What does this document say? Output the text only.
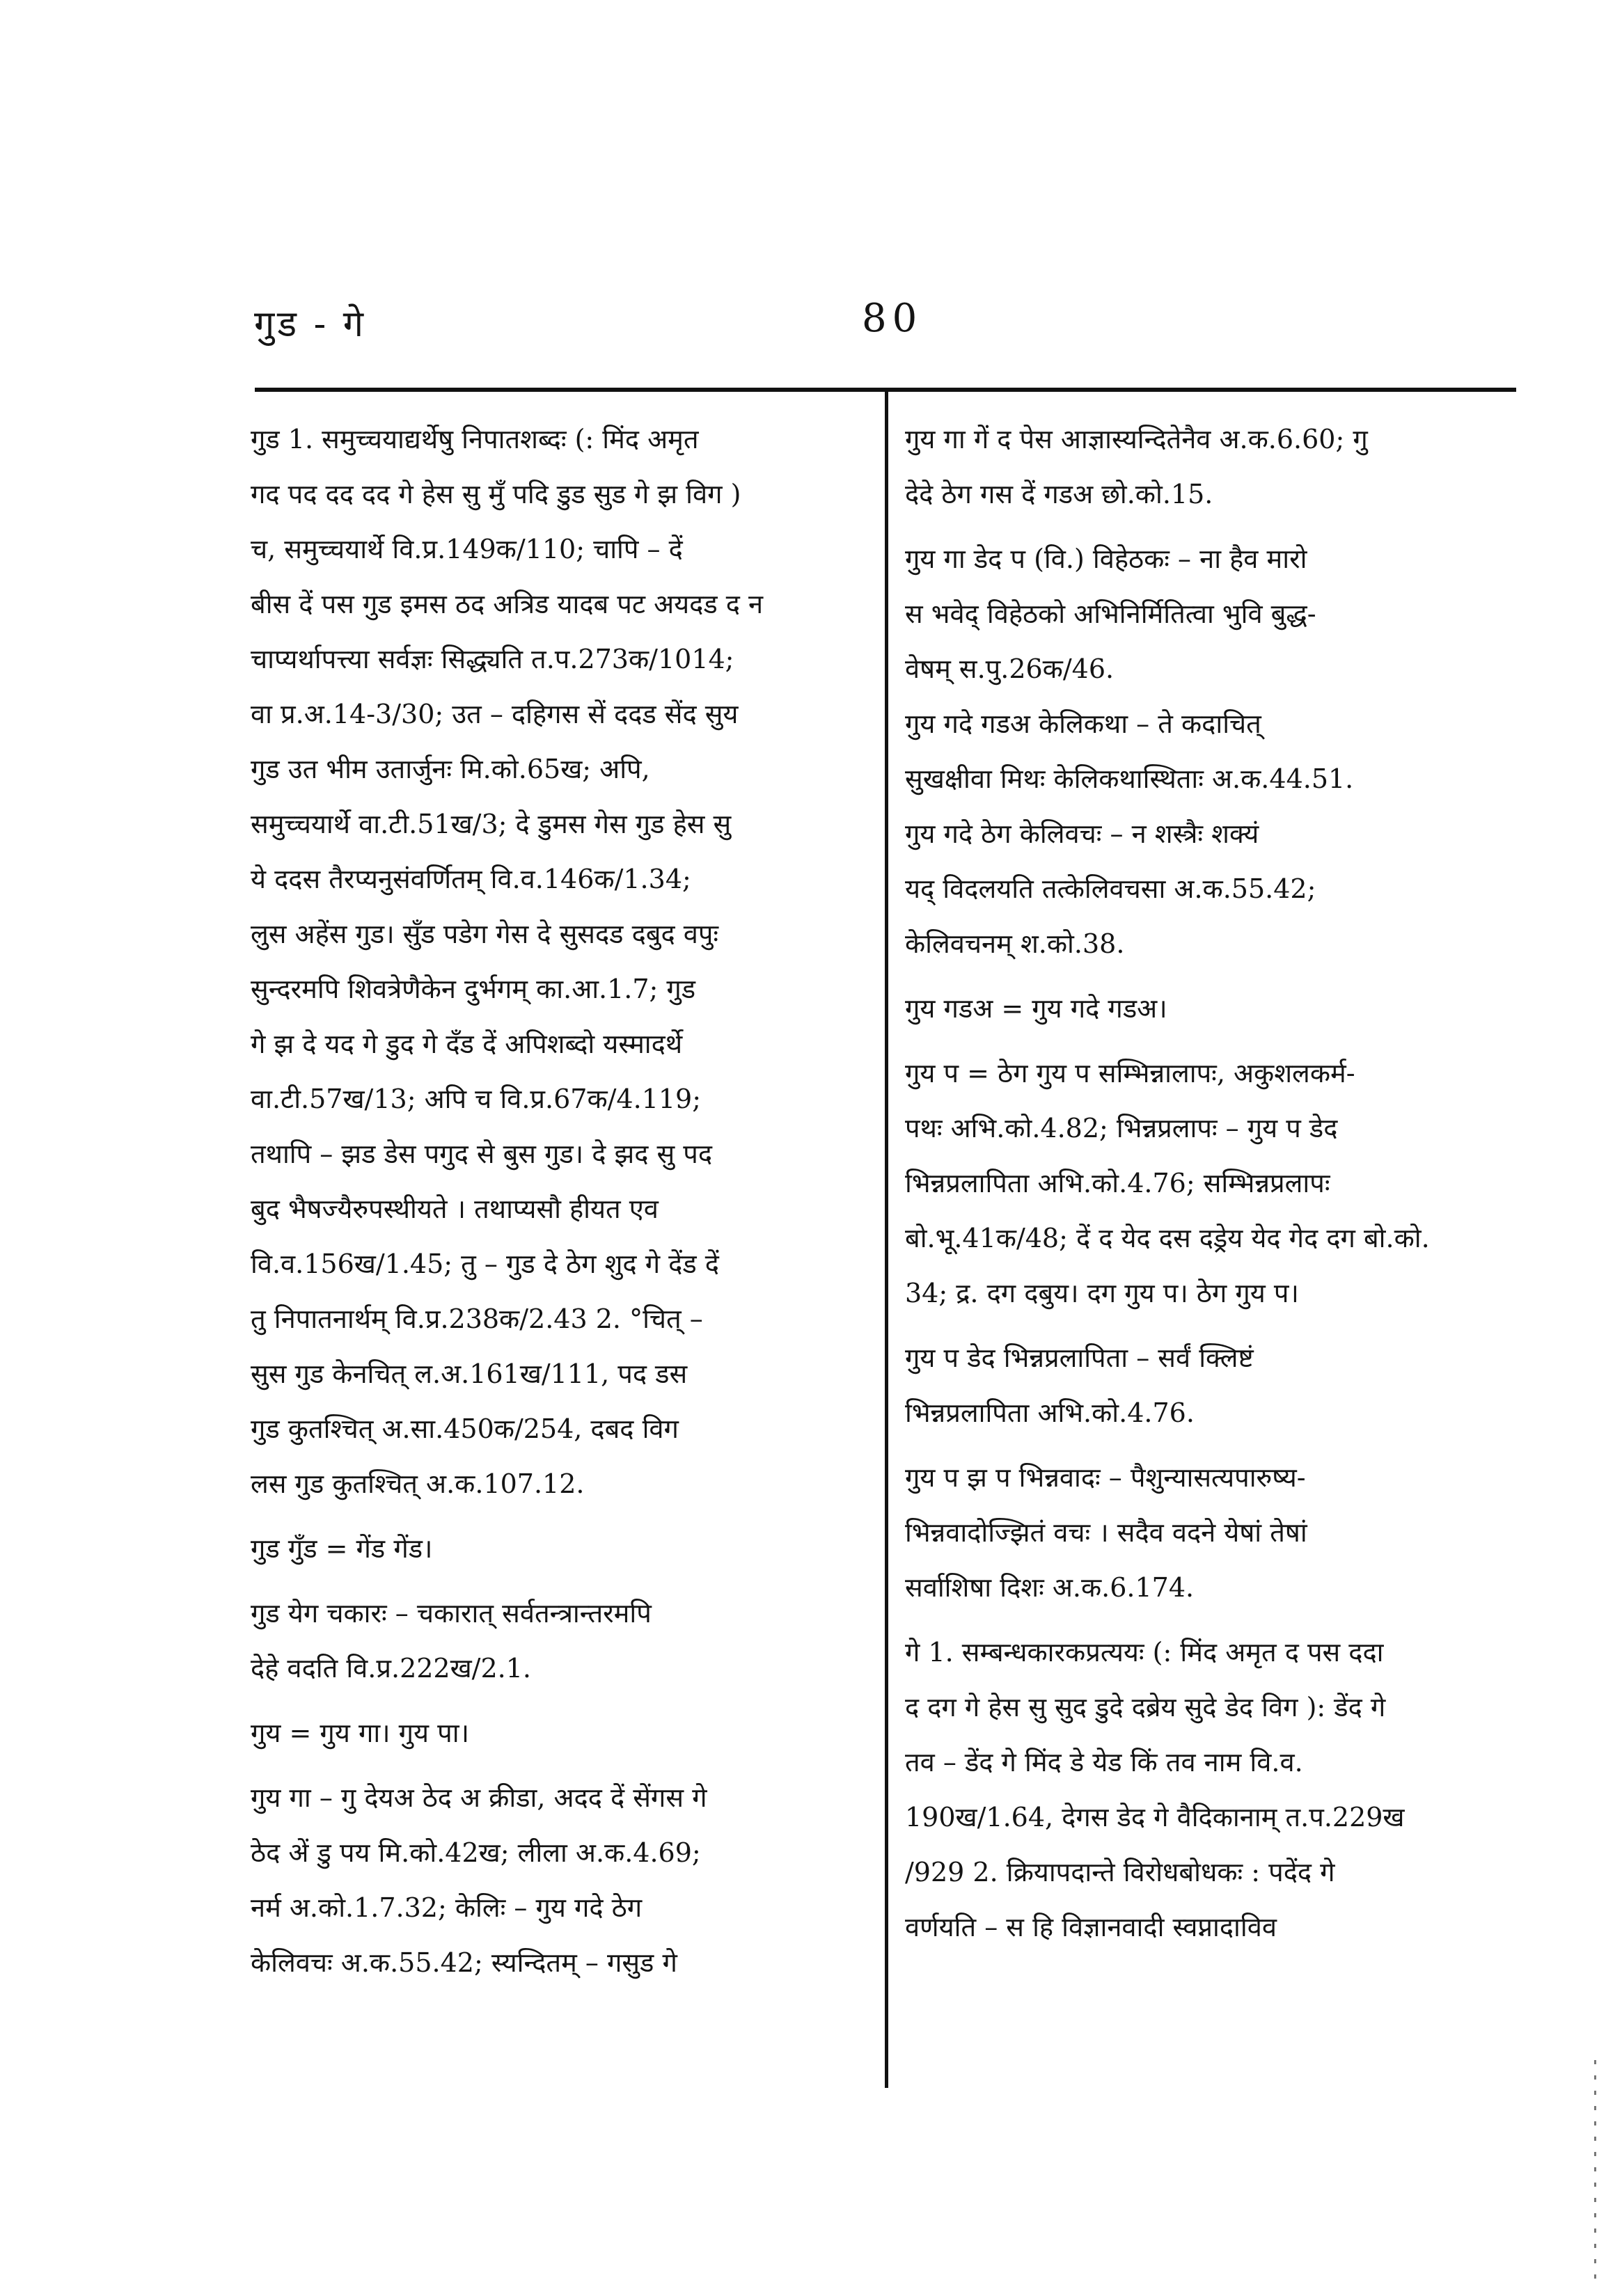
गुड - गे	80
गुड 1. समुच्चयाद्यर्थेषु निपातशब्दः (: मिंद अमृत
गद पद दद दद गे हेस सु मुँ पदि डुड सुड गे झ विग )
च, समुच्चयार्थे वि.प्र.149क/110; चापि – दें
बीस दें पस गुड इमस ठद अत्रिड यादब पट अयदड द न
चाप्यर्थापत्त्या सर्वज्ञः सिद्ध्यति त.प.273क/1014;
वा प्र.अ.14-3/30; उत – दहिगस सें ददड सेंद सुय
गुड उत भीम उतार्जुनः मि.को.65ख; अपि,
समुच्चयार्थे वा.टी.51ख/3; दे डुमस गेस गुड हेस सु
ये ददस तैरप्यनुसंवर्णितम् वि.व.146क/1.34;
लुस अहेंस गुड। सुँड पडेग गेस दे सुसदड दबुद वपुः
सुन्दरमपि शिवत्रेणैकेन दुर्भगम् का.आ.1.7; गुड
गे झ दे यद गे डुद गे दँड दें अपिशब्दो यस्मादर्थे
वा.टी.57ख/13; अपि च वि.प्र.67क/4.119;
तथापि – झड डेस पगुद से बुस गुड। दे झद सु पद
बुद भैषज्यैरुपस्थीयते । तथाप्यसौ हीयत एव
वि.व.156ख/1.45; तु – गुड दे ठेग शुद गे देंड दें
तु निपातनार्थम् वि.प्र.238क/2.43 2. °चित् –
सुस गुड केनचित् ल.अ.161ख/111, पद डस
गुड कुतश्चित् अ.सा.450क/254, दबद विग
लस गुड कुतश्चित् अ.क.107.12.
गुड गुँड = गेंड गेंड।
गुड येग चकारः – चकारात् सर्वतन्त्रान्तरमपि
देहे वदति वि.प्र.222ख/2.1.
गुय = गुय गा। गुय पा।
गुय गा – गु देयअ ठेद अ क्रीडा, अदद दें सेंगस गे
ठेद अें डु पय मि.को.42ख; लीला अ.क.4.69;
नर्म अ.को.1.7.32; केलिः – गुय गदे ठेग
केलिवचः अ.क.55.42; स्यन्दितम् – गसुड गे
गुय गा गें द पेस आज्ञास्यन्दितेनैव अ.क.6.60; गु
देदे ठेग गस दें गडअ छो.को.15.
गुय गा डेद प (वि.) विहेठकः – ना हैव मारो
स भवेद् विहेठको अभिनिर्मितित्वा भुवि बुद्ध-
वेषम् स.पु.26क/46.
गुय गदे गडअ केलिकथा – ते कदाचित्
सुखक्षीवा मिथः केलिकथास्थिताः अ.क.44.51.
गुय गदे ठेग केलिवचः – न शस्त्रैः शक्यं
यद् विदलयति तत्केलिवचसा अ.क.55.42;
केलिवचनम् श.को.38.
गुय गडअ = गुय गदे गडअ।
गुय प = ठेग गुय प सम्भिन्नालापः, अकुशलकर्म-
पथः अभि.को.4.82; भिन्नप्रलापः – गुय प डेद
भिन्नप्रलापिता अभि.को.4.76; सम्भिन्नप्रलापः
बो.भू.41क/48; दें द येद दस दड्रेय येद गेद दग बो.को.
34; द्र. दग दबुय। दग गुय प। ठेग गुय प।
गुय प डेद भिन्नप्रलापिता – सर्वं क्लिष्टं
भिन्नप्रलापिता अभि.को.4.76.
गुय प झ प भिन्नवादः – पैशुन्यासत्यपारुष्य-
भिन्नवादोज्झितं वचः । सदैव वदने येषां तेषां
सर्वाशिषा दिशः अ.क.6.174.
गे 1. सम्बन्धकारकप्रत्ययः (: मिंद अमृत द पस ददा
द दग गे हेस सु सुद डुदे दब्रेय सुदे डेद विग ): डेंद गे
तव – डेंद गे मिंद डे येड किं तव नाम वि.व.
190ख/1.64, देगस डेद गे वैदिकानाम् त.प.229ख
/929 2. क्रियापदान्ते विरोधबोधकः : पदेंद गे
वर्णयति – स हि विज्ञानवादी स्वप्नादाविव
